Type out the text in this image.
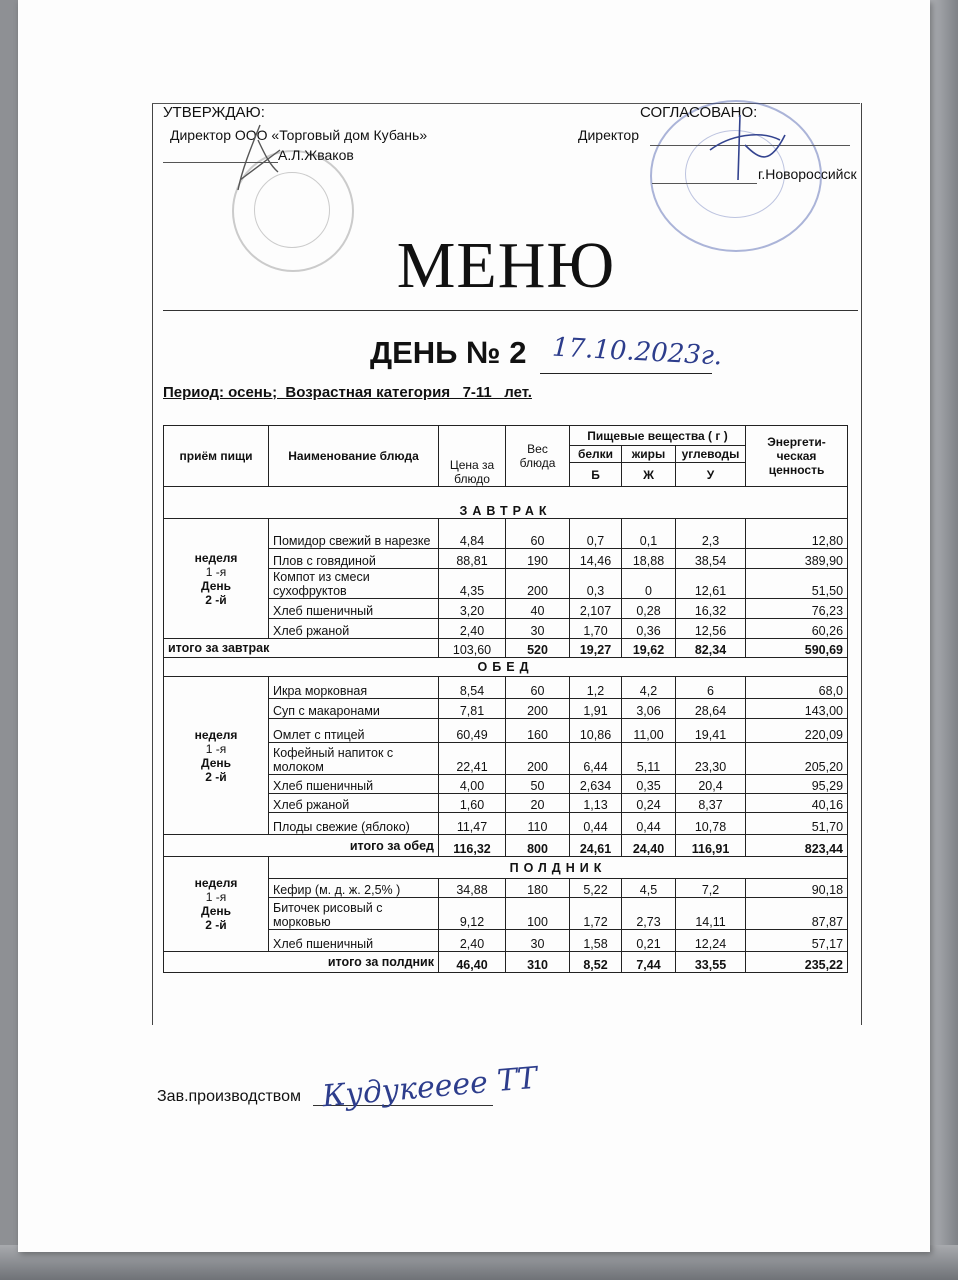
УТВЕРЖДАЮ:
Директор ООО «Торговый дом Кубань»
А.Л.Жваков
СОГЛАСОВАНО:
Директор
г.Новороссийск
МЕНЮ
ДЕНЬ № 2 17.10.2023г.
Период: осень;  Возрастная категория   7-11   лет.
приём пищи	Наименование блюда	Цена за блюдо	Вес блюда	Пищевые вещества ( г )			Энергети- ческая ценность
				белки	жиры	углеводы	
				Б	Ж	У	
ЗАВТРАК							

неделя
1 -я
День
2 -й	Помидор свежий в нарезке	4,84	60	0,7	0,1	2,3	12,80
	Плов с говядиной	88,81	190	14,46	18,88	38,54	389,90
	Компот из смеси сухофруктов	4,35	200	0,3	0	12,61	51,50
	Хлеб пшеничный	3,20	40	2,107	0,28	16,32	76,23
	Хлеб ржаной	2,40	30	1,70	0,36	12,56	60,26
итого за завтрак		103,60	520	19,27	19,62	82,34	590,69
ОБЕД							

неделя
1 -я
День
2 -й	Икра морковная	8,54	60	1,2	4,2	6	68,0
	Суп с макаронами	7,81	200	1,91	3,06	28,64	143,00
	Омлет с птицей	60,49	160	10,86	11,00	19,41	220,09
	Кофейный напиток с молоком	22,41	200	6,44	5,11	23,30	205,20
	Хлеб пшеничный	4,00	50	2,634	0,35	20,4	95,29
	Хлеб ржаной	1,60	20	1,13	0,24	8,37	40,16
	Плоды свежие (яблоко)	11,47	110	0,44	0,44	10,78	51,70
итого за обед		116,32	800	24,61	24,40	116,91	823,44

неделя
1 -я
День
2 -й	ПОЛДНИК						
	Кефир (м. д. ж. 2,5% )	34,88	180	5,22	4,5	7,2	90,18
	Биточек рисовый с морковью	9,12	100	1,72	2,73	14,11	87,87
	Хлеб пшеничный	2,40	30	1,58	0,21	12,24	57,17
итого за полдник		46,40	310	8,52	7,44	33,55	235,22
Зав.производством Кудукееее ТТ
